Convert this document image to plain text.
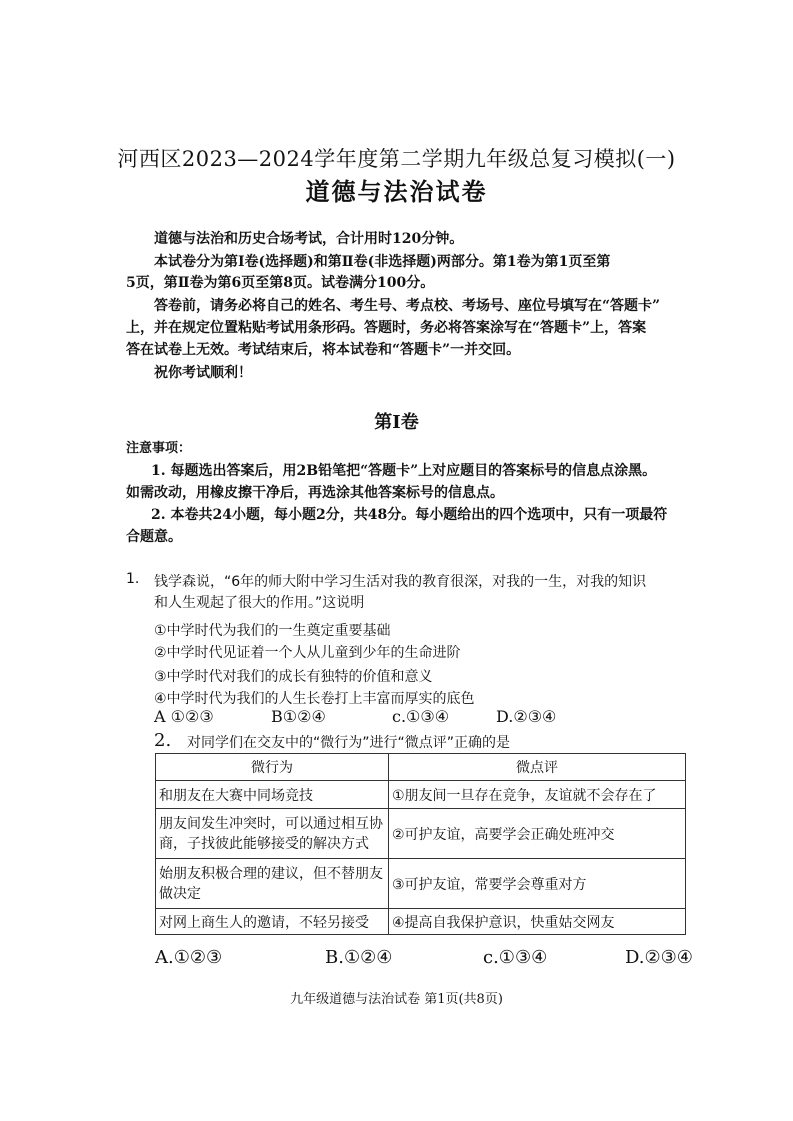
河西区2023—2024学年度第二学期九年级总复习模拟(一)
道德与法治试卷
道德与法治和历史合场考试，合计用时120分钟。
本试卷分为第Ⅰ卷(选择题)和第Ⅱ卷(非选择题)两部分。第1卷为第1页至第
5页，第Ⅱ卷为第6页至第8页。试卷满分100分。
答卷前，请务必将自己的姓名、考生号、考点校、考场号、座位号填写在“答题卡”
上，并在规定位置粘贴考试用条形码。答题时，务必将答案涂写在“答题卡”上，答案
答在试卷上无效。考试结束后，将本试卷和“答题卡”一并交回。
祝你考试顺利！
第Ⅰ卷
注意事项：
1. 每题选出答案后，用2B铅笔把“答题卡”上对应题目的答案标号的信息点涂黑。
如需改动，用橡皮擦干净后，再选涂其他答案标号的信息点。
2. 本卷共24小题，每小题2分，共48分。每小题给出的四个选项中，只有一项最符
合题意。
1. 钱学森说，“6年的师大附中学习生活对我的教育很深，对我的一生，对我的知识
和人生观起了很大的作用。”这说明
①中学时代为我们的一生奠定重要基础
②中学时代见证着一个人从儿童到少年的生命进阶
③中学时代对我们的成长有独特的价值和意义
④中学时代为我们的人生长卷打上丰富而厚实的底色
A ①②③	B①②④	c.①③④	D.②③④
2. 对同学们在交友中的“微行为”进行“微点评”正确的是
微行为	微点评
和朋友在大赛中同场竞技	①朋友间一旦存在竞争，友谊就不会存在了
朋友间发生冲突时，可以通过相互协商，子找彼此能够接受的解决方式	②可护友谊，高要学会正确处班冲交
始朋友积极合理的建议，但不替朋友做决定	③可护友谊，常要学会尊重对方
对网上商生人的邀请，不轻另接受	④提高自我保护意识，快重姑交网友
A.①②③	B.①②④	c.①③④	D.②③④
九年级道德与法治试卷 第1页(共8页)
